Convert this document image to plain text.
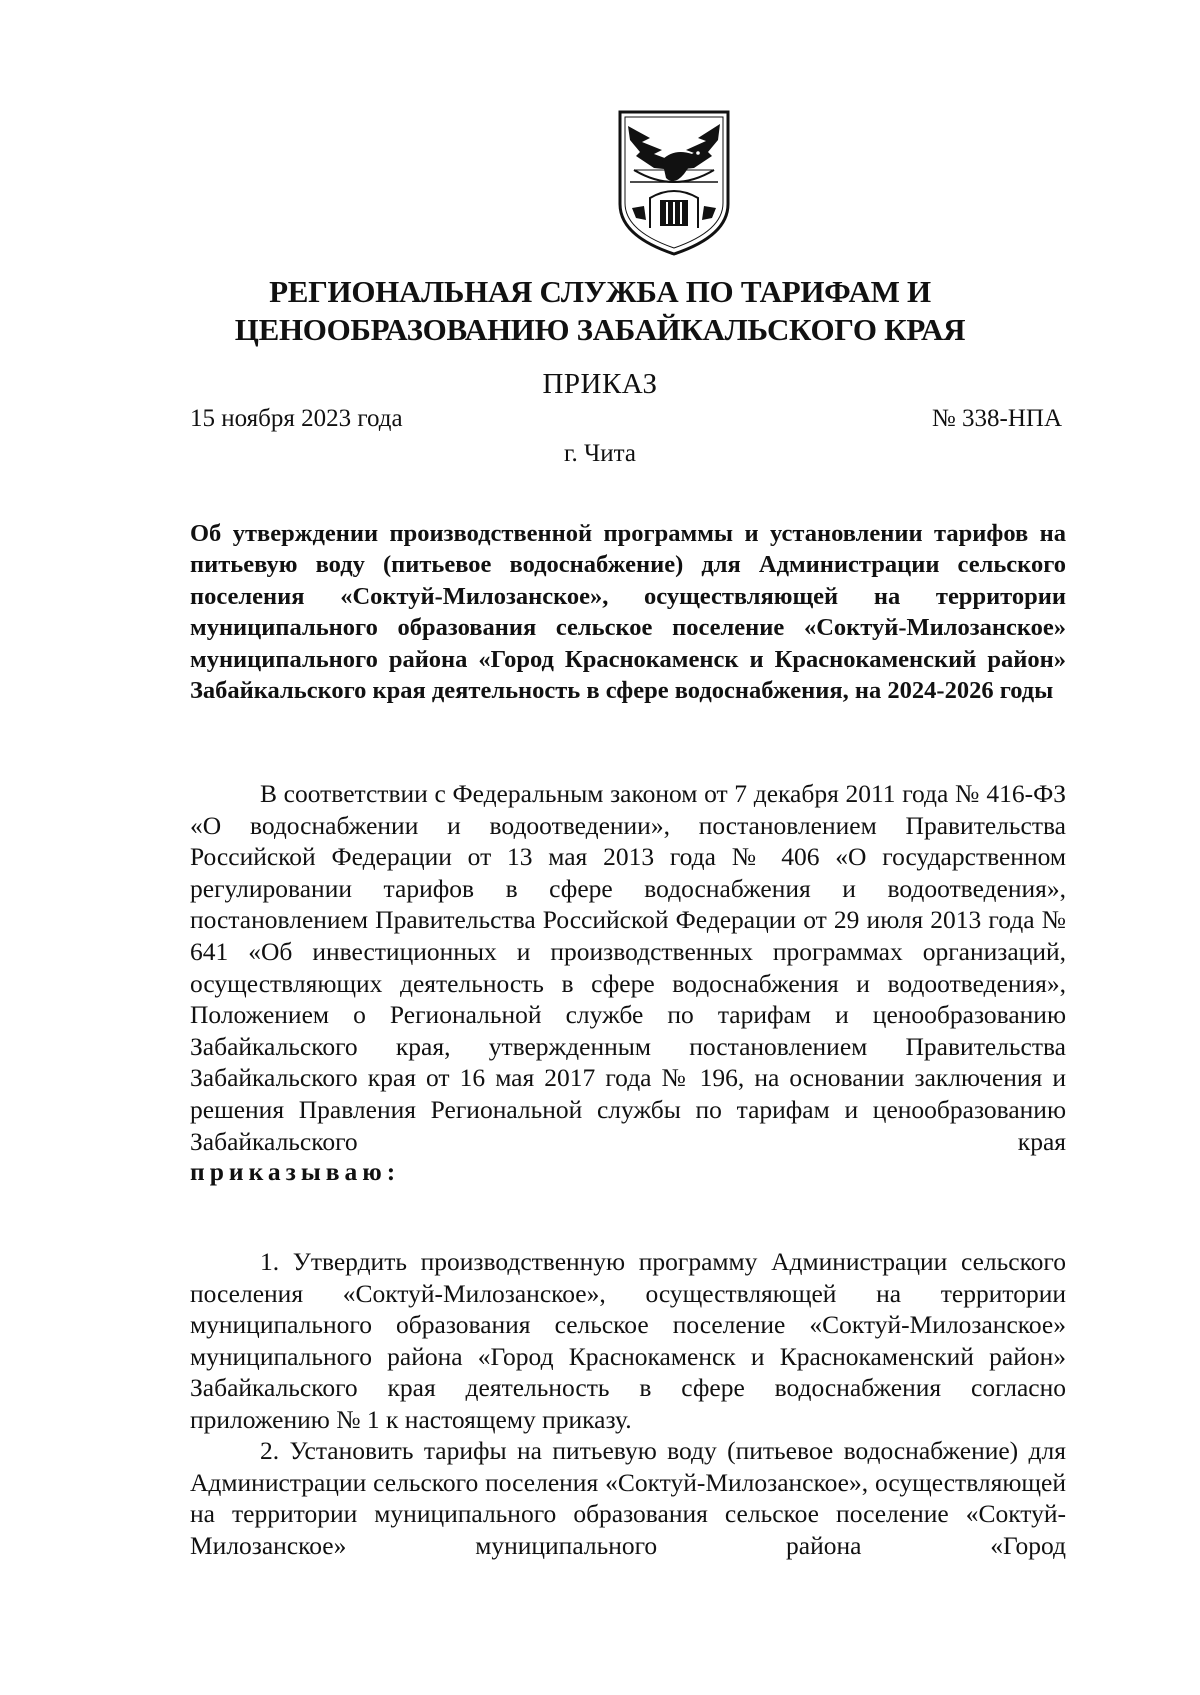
РЕГИОНАЛЬНАЯ СЛУЖБА ПО ТАРИФАМ И
ЦЕНООБРАЗОВАНИЮ ЗАБАЙКАЛЬСКОГО КРАЯ
ПРИКАЗ
15 ноября 2023 года	№ 338-НПА
г. Чита
Об утверждении производственной программы и установлении тарифов на питьевую воду (питьевое водоснабжение) для Администрации сельского поселения «Соктуй-Милозанское», осуществляющей на территории муниципального образования сельское поселение «Соктуй-Милозанское» муниципального района «Город Краснокаменск и Краснокаменский район» Забайкальского края деятельность в сфере водоснабжения, на 2024-2026 годы
В соответствии с Федеральным законом от 7 декабря 2011 года № 416-ФЗ «О водоснабжении и водоотведении», постановлением Правительства Российской Федерации от 13 мая 2013 года № 406 «О государственном регулировании тарифов в сфере водоснабжения и водоотведения», постановлением Правительства Российской Федерации от 29 июля 2013 года № 641 «Об инвестиционных и производственных программах организаций, осуществляющих деятельность в сфере водоснабжения и водоотведения», Положением о Региональной службе по тарифам и ценообразованию Забайкальского края, утвержденным постановлением Правительства Забайкальского края от 16 мая 2017 года № 196, на основании заключения и решения Правления Региональной службы по тарифам и ценообразованию Забайкальского края
приказываю:
1. Утвердить производственную программу Администрации сельского поселения «Соктуй-Милозанское», осуществляющей на территории муниципального образования сельское поселение «Соктуй-Милозанское» муниципального района «Город Краснокаменск и Краснокаменский район» Забайкальского края деятельность в сфере водоснабжения согласно приложению № 1 к настоящему приказу.
2. Установить тарифы на питьевую воду (питьевое водоснабжение) для Администрации сельского поселения «Соктуй-Милозанское», осуществляющей на территории муниципального образования сельское поселение «Соктуй-Милозанское» муниципального района «Город
